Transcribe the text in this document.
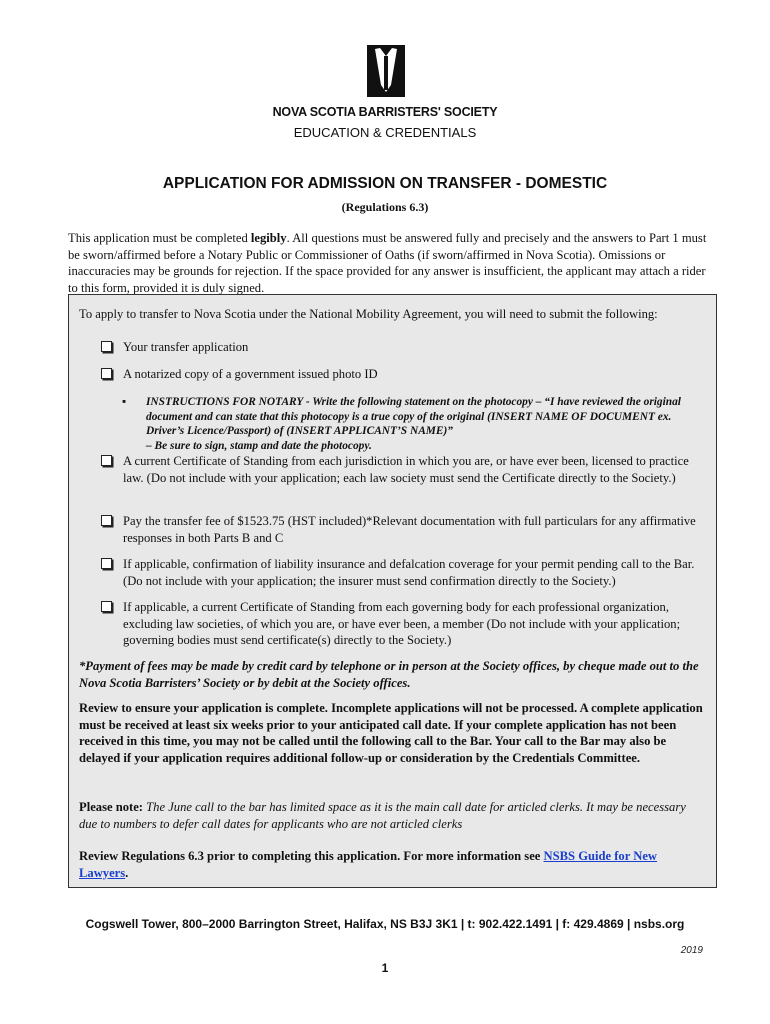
NOVA SCOTIA BARRISTERS' SOCIETY
EDUCATION & CREDENTIALS
APPLICATION FOR ADMISSION ON TRANSFER - DOMESTIC
(Regulations 6.3)
This application must be completed legibly. All questions must be answered fully and precisely and the answers to Part 1 must be sworn/affirmed before a Notary Public or Commissioner of Oaths (if sworn/affirmed in Nova Scotia). Omissions or inaccuracies may be grounds for rejection. If the space provided for any answer is insufficient, the applicant may attach a rider to this form, provided it is duly signed.
To apply to transfer to Nova Scotia under the National Mobility Agreement, you will need to submit the following:
Your transfer application
A notarized copy of a government issued photo ID
▪ INSTRUCTIONS FOR NOTARY - Write the following statement on the photocopy – “I have reviewed the original document and can state that this photocopy is a true copy of the original (INSERT NAME OF DOCUMENT ex. Driver’s Licence/Passport) of (INSERT APPLICANT’S NAME)”
– Be sure to sign, stamp and date the photocopy.
A current Certificate of Standing from each jurisdiction in which you are, or have ever been, licensed to practice law. (Do not include with your application; each law society must send the Certificate directly to the Society.)
Pay the transfer fee of $1523.75 (HST included)*Relevant documentation with full particulars for any affirmative responses in both Parts B and C
If applicable, confirmation of liability insurance and defalcation coverage for your permit pending call to the Bar. (Do not include with your application; the insurer must send confirmation directly to the Society.)
If applicable, a current Certificate of Standing from each governing body for each professional organization, excluding law societies, of which you are, or have ever been, a member (Do not include with your application; governing bodies must send certificate(s) directly to the Society.)
*Payment of fees may be made by credit card by telephone or in person at the Society offices, by cheque made out to the Nova Scotia Barristers’ Society or by debit at the Society offices.
Review to ensure your application is complete. Incomplete applications will not be processed. A complete application must be received at least six weeks prior to your anticipated call date. If your complete application has not been received in this time, you may not be called until the following call to the Bar. Your call to the Bar may also be delayed if your application requires additional follow-up or consideration by the Credentials Committee.
Please note: The June call to the bar has limited space as it is the main call date for articled clerks. It may be necessary due to numbers to defer call dates for applicants who are not articled clerks
Review Regulations 6.3 prior to completing this application. For more information see NSBS Guide for New Lawyers.
Cogswell Tower, 800–2000 Barrington Street, Halifax, NS B3J 3K1 | t: 902.422.1491 | f: 429.4869 | nsbs.org
2019
1
